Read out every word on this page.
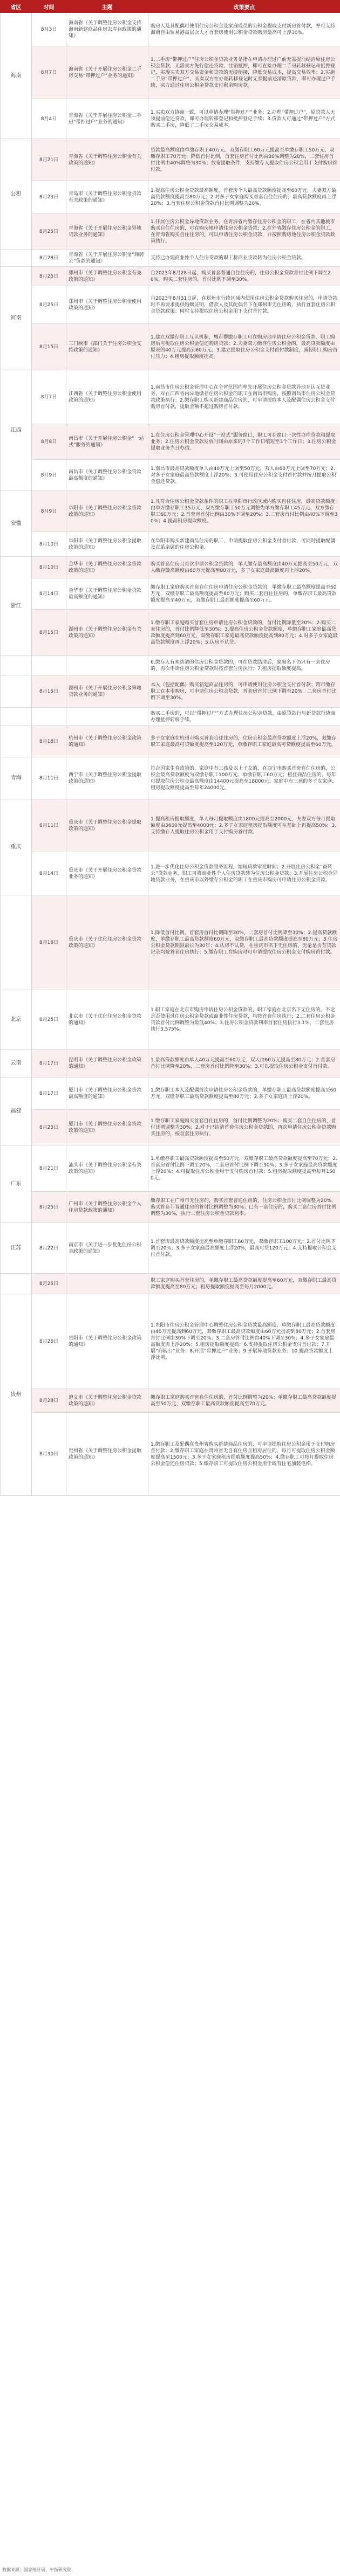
省区	时间	主题	政策要点
海南	8月3日	海南省《关于调整住房公积金支持海南新建商品住房去库存政策的通知》	购房人及其配偶可使用住房公积金及家庭成员的公积金提取支付新房首付款，并可支持海南自由贸易港高层次人才首套房使用公积金贷款购房最高可上浮30%。
	8月7日	海南省《关于开展住房公积金二手房交易“带押过户”业务的通知》	1.二手房“带押过户”住房公积金贷款业务是指在申请办理过户前无需提前结清原住房公积金贷款，无需卖方先行偿还贷款、注销抵押，即可直接办理二手房转移登记和抵押登记，实现买卖双方交易资金和贷款的无缝衔接，降低交易成本，提高交易效率；2.实施二手房“带押过户”，买卖双方在办理转移登记时无须提前还清原贷款，即可办理过户手续，买方通过住房公积金贷款支付剩余购房款。
	8月4日	青海省《关于开展住房公积金二手房“带押过户”业务的通知》	1.买卖双方协商一致，可以申请办理“带押过户”业务；2.办理“带押过户”，原贷款人无须提前偿还贷款，即可办理转移登记和抵押登记手续；3.贷款人可通过“带押过户”方式购买二手房，降低了二手房交易成本。
公积	8月21日	青海省《关于调整住房公积金有关政策的通知》	贷款最高额度由单缴存职工40万元、双缴存职工60万元提高至单缴存职工50万元、双缴存职工70万元；降低首付比例，首套住房首付比例由30%调整为20%，二套住房首付比例由40%调整为30%；放宽提取条件，支持缴存人提取住房公积金用于支付购房首付款。
	8月23日	青岛市《关于调整住房公积金贷款有关政策的通知》	1.提高住房公积金贷款最高额度，首套房个人最高贷款额度提高至60万元，夫妻双方最高贷款额度提高至80万元；2.对多子女家庭购买首套自住住房的，最高贷款额度再上浮20%；3.首套住房公积金贷款首付比例调整为20%。
	8月25日	青海省《关于开展住房公积金异地贷款业务的通知》	1.开展住房公积金异地贷款业务，在青海省内缴存住房公积金的职工，在省内其他城市购买自住住房的，可在购房地申请住房公积金贷款；2.在外省缴存住房公积金的职工，在青海省购买自住住房的，可以申请住房公积金贷款，并按照购房地住房公积金贷款政策执行。
	8月28日	青海省《关于开展住房公积金“商转公”贷款的通知》	支持已办理商业性个人住房贷款的职工将商业贷款转为住房公积金贷款。
河南	8月25日	郑州市《关于调整住房公积金有关政策的通知》	自2023年8月28日起，购买首套普通自住住房的，住房公积金贷款首付比例下调至20%，购买二套住房的，首付比例下调至30%。
	8月25日	郑州市《关于调整住房公积金使用政策的通知》	自2023年8月31日起，在郑州市行政区域内使用住房公积金贷款购买住房的，申请贷款时不再要求提供婚姻证明，借款人及其配偶名下在郑州市无住房的，执行首套住房公积金贷款政策；同时支持提取住房公积金用于支付首付款。
	8月15日	三门峡市《部门关于住房公积金支持政策的通知》	1.建立双缴存职工互认机制，城市群缴存职工可在购房地申请住房公积金贷款，职工购房后可提取住房公积金偿还购房贷款；2.夫妻双方缴存住房公积金的，最高贷款额度由原来的40万元提高到60万元；3.建立提取住房公积金支付首付款制度，减轻职工购房首付压力；4.租房提取额度提高。
江西	8月7日	江西省《关于调整住房公积金使用政策的通知》	1.南昌市住房公积金管理中心在全省范围内率先开展住房公积金贷款异地互认互贷业务，对在江西省内异地缴存住房公积金的职工在南昌市购房，按照南昌市住房公积金贷款政策执行；2.缴存职工购买新建商品住房的，可申请提取本人及配偶住房公积金支付购房首付款，提取金额不超过购房首付款。
	8月8日	南昌市《关于开展住房公积金“一站式”服务的通知》	1.在住房公积金管理中心开设“一站式”服务窗口，职工可在窗口一次性办理贷款和提取业务；2.住房公积金贷款发放时间由原来的7个工作日缩短至3个工作日；3.住房公积金提取业务当日办结。
	8月9日	南昌市《关于调整住房公积金贷款最高额度的通知》	1.南昌市最高贷款额度单人由40万元上调至50万元，双人由60万元上调至70万元；2.对多子女家庭最高贷款额度上浮20%；3.可使用住房公积金支付首付款并按月提取公积金偿还贷款。
安徽	8月9日	阜阳市《关于调整住房公积金贷款政策的通知》	1.凡符合住房公积金贷款条件的职工在阜阳市行政区域内购买自住住房，最高贷款额度由单方缴存职工35万元、双方缴存职工50万元调整为单方缴存职工45万元、双方缴存职工60万元；2.首套房首付比例由30%下调至20%；3.二套房首付比例由40%下调至30%；4.提高租房提取额度。
	8月10日	阜阳市《关于调整住房公积金提取政策的通知》	在阜阳市购买新建商品住房的职工，申请提取住房公积金支付首付款，可同时提取配偶及直系亲属的住房公积金。
浙江	8月10日	金华市《关于调整住房公积金贷款政策的通知》	购买首套住房且首次申请公积金贷款的，单人缴存最高额度由40万元提高至50万元，双人缴存最高额度由60万元提高至80万元，多子女家庭最高额度再上浮20%。
	8月14日	金华市《关于调整住房公积金贷款最高额度的通知》	缴存职工家庭购买首套自住住房申请住房公积金贷款的，单缴存职工最高额度提高至60万元，双缴存职工最高额度提高至80万元；购买二套自住住房的，单缴存职工最高贷款额度提高至40万元，双缴存职工最高额度提高至60万元。
	8月15日	湖州市《关于调整住房公积金有关政策的通知》	1.缴存职工家庭购买首套住房申请住房公积金贷款的，首付比例降低至20%；2.购买二套住房的，首付比例降低至30%；3.提高住房公积金贷款额度，单缴存职工家庭最高贷款额度提高到60万元，双缴存职工家庭最高贷款额度提高到80万元；4.对多子女家庭最高贷款额度再上浮20%；5.认房不认贷。
			6.缴存人有未结清的住房公积金贷款的，可在贷款结清后，家庭名下仍只有一套住房的，再次申请住房公积金贷款时按首套住房执行；7.租房提取额度提高。
	8月15日	湖州市《关于开展住房公积金异地贷款业务的通知》	本人（包括配偶）购买新建商品住房的，可申请使用住房公积金支付首付款；跨市缴存职工在本市购房，可申请住房公积金贷款，首套房首付比例下调至20%，二套房首付比例下调至30%。
			购买二手房的，可以“带押过户”方式办理住房公积金贷款，由原贷款行与新贷款行协商办理抵押转移手续。
	8月18日	杭州市《关于调整住房公积金政策的通知》	多子女家庭在杭州市购买首套自住住房的，住房公积金最高贷款额度上浮20%，双缴存职工家庭最高可贷额度提高至120万元，单缴存职工家庭最高可贷额度提高至60万元。
青海	8月11日	西宁市《关于调整住房公积金提取政策的通知》	符合国家生育政策的，家庭中有三孩及以上子女的，在西宁市购买首套自住住房的，公积金最高贷款额度为双缴存职工100万元、单缴存职工60万元；租住商品住房的，每年可提取住房公积金最高额度由14400元提高至18000元；家庭中有三孩的多子女家庭，租房提取额度提高至每年24000元。
重庆	8月11日	重庆市《关于调整住房公积金提取政策的通知》	1.提高租房提取额度，单人每月提取额度由1800元提高至2000元，夫妻双方每月提取额度由3600元提高至4000元；2.多子女家庭租房提取额度可在基础上再提高50%；3.支持缴存人提取住房公积金用于支付购房首付款。
	8月14日	重庆市《关于开展住房公积金贷款业务的通知》	1.进一步优化住房公积金贷款服务流程，缩短贷款审批时间；2.开展住房公积金“商转公”贷款业务，职工可将商业性个人住房贷款转为住房公积金贷款；3.开展住房公积金异地贷款业务，在重庆市以外缴存公积金的职工在重庆市购房可申请住房公积金贷款。
	8月16日	重庆市《关于优化住房公积金贷款政策的通知》	1.降低首付比例，首套房首付比例降至20%，二套房首付比例降至30%；2.提高贷款额度，单缴存职工最高贷款额度60万元，双缴存职工最高贷款额度提高至80万元；3.住房公积金贷款期限最长为30年；4.认房不认贷，在重庆市名下无住房的，无论是否有贷款记录均按首套住房执行；5.缴存职工在购房时可申请提取住房公积金支付购房首付款。
北京	8月25日	北京市《关于优化住房公积金贷款的通知》	1.职工家庭在北京市购房申请住房公积金贷款的，职工家庭在北京名下无住房的，不论是否使用过住房公积金贷款或商业性住房贷款，均按首套住房执行；2.二套住房公积金贷款首付比例调整为最低40%；3.住房公积金贷款利率首套住房执行3.1%，二套住房执行3.575%。
云南	8月17日	昆明市《关于调整住房公积金政策的通知》	1.最高贷款额度由单人40万元提高至60万元，双人由60万元提高至80万元；2.首套房首付比例降至20%，二套房首付比例降至30%；3.可以提取住房公积金支付首付款。
福建	8月17日	厦门市《关于调整住房公积金贷款最高额度的通知》	1.缴存职工本人及配偶首次申请住房公积金贷款的，单缴存职工最高贷款额度提高至60万元，双缴存职工最高贷款额度提高至80万元；2.多子女家庭再上浮20%。
	8月23日	厦门市《关于调整住房公积金贷款政策的通知》	1.缴存职工家庭购买首套自住住房的，首付比例调整为20%；购买二套自住住房的，首付比例调整为30%；2.对于已结清首套住房公积金贷款的，再次申请住房公积金贷款购买住房的，按首套住房执行。
广东	8月21日	汕头市《关于调整住房公积金有关政策的通知》	1.单缴存职工最高贷款额度提高至50万元，双缴存职工最高贷款额度提高至70万元；2.首套房首付比例下调至20%，二套房首付比例下调至30%；3.多子女家庭最高贷款额度上浮20%；4.可提取住房公积金用于支付购房首付款；5.租房提取额度提高至每月1500元。
	8月25日	广州市《关于调整住房公积金个人住房贷款政策的通知》	缴存职工在广州市无住房的，购买首套普通住房的，住房公积金首付比例调整为20%，购买首套非普通住房的首付比例调整为30%；已有一套住房的，购买二套住房首付比例调整为30%，执行二套住房公积金贷款利率。
江苏	8月22日	南京市《关于进一步优化住房公积金政策的通知》	1.首套房最高贷款额度提高至单缴存职工60万元，双缴存职工100万元；2.首付比例下调至20%；3.多子女家庭最高额度上浮20%，最高可贷120万元；4.支持提取公积金支付首付款。
	8月25日		职工家庭购买首套住房的，单缴存职工最高贷款额度提高至60万元，双缴存职工最高贷款额度提高至80万元；租房提取额度提高至每月2000元。
贵州	8月26日	贵阳市《关于调整住房公积金政策的通知》	1.贵阳市住房公积金管理中心调整住房公积金贷款最高额度，单缴存职工最高贷款额度由40万元提高到60万元，双缴存职工最高贷款额度由60万元提高到80万元；2.首套房首付比例由30%下调至20%；3.二套房首付比例由40%下调至30%；4.多子女家庭最高额度再上浮20%；5.租房提取额度提高；6.支持提取住房公积金支付首付款；7.开展“商转公”业务；8.开展“带押过户”业务；9.开展异地贷款业务；10.提高贷款额度上浮比例。
	8月28日	遵义市《关于调整住房公积金贷款政策的通知》	缴存职工家庭购买首套自住住房的，首付比例调整为20%；单缴存职工最高贷款额度提高至50万元，双缴存职工最高贷款额度提高至70万元。
	8月30日	贵州省《关于调整住房公积金提取政策的通知》	1.缴存职工及配偶在贵州省购买新建商品住房的，可申请提取住房公积金用于支付购房首付款；2.缴存职工家庭在贵州省无自有住房且租房居住的，每月可提取住房公积金额度提高至1500元；3.多子女家庭租房提取额度提高50%；4.缴存职工可按月提取住房公积金偿还住房贷款；5.缴存职工可提取住房公积金用于既有住宅加装电梯。
数据来源：国家统计局、中指研究院
